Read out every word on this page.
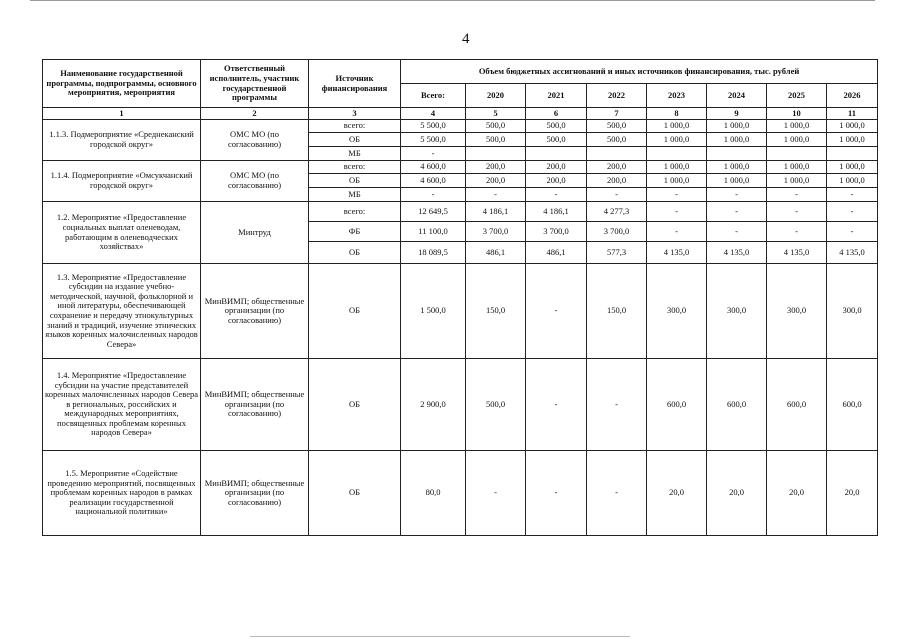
4
Наименование государственной программы, подпрограммы, основного мероприятия, мероприятия	Ответственный исполнитель, участник государственной программы	Источник финансирования	Объем бюджетных ассигнований и иных источников финансирования, тыс. рублей							
			Всего:	2020	2021	2022	2023	2024	2025	2026
1	2	3	4	5	6	7	8	9	10	11
1.1.3. Подмероприятие «Среднеканский городской округ»	ОМС МО (по согласованию)	всего:	5 500,0	500,0	500,0	500,0	1 000,0	1 000,0	1 000,0	1 000,0
		ОБ	5 500,0	500,0	500,0	500,0	1 000,0	1 000,0	1 000,0	1 000,0
		МБ	-							
1.1.4. Подмероприятие «Омсукчанский городской округ»	ОМС МО (по согласованию)	всего:	4 600,0	200,0	200,0	200,0	1 000,0	1 000,0	1 000,0	1 000,0
		ОБ	4 600,0	200,0	200,0	200,0	1 000,0	1 000,0	1 000,0	1 000,0
		МБ	-	-	-	-	-	-	-	-
1.2. Мероприятие «Предоставление социальных выплат оленеводам, работающим в оленеводческих хозяйствах»	Минтруд	всего:	12 649,5	4 186,1	4 186,1	4 277,3	-	-	-	-
		ФБ	11 100,0	3 700,0	3 700,0	3 700,0	-	-	-	-
		ОБ	18 089,5	486,1	486,1	577,3	4 135,0	4 135,0	4 135,0	4 135,0
1.3. Мероприятие «Предоставление субсидии на издание учебно-методической, научной, фольклорной и иной литературы, обеспечивающей сохранение и передачу этнокультурных знаний и традиций, изучение этнических языков коренных малочисленных народов Севера»	МинВИМП; общественные организации (по согласованию)	ОБ	1 500,0	150,0	-	150,0	300,0	300,0	300,0	300,0
1.4. Мероприятие «Предоставление субсидии на участие представителей коренных малочисленных народов Севера в региональных, российских и международных мероприятиях, посвященных проблемам коренных народов Севера»	МинВИМП; общественные организации (по согласованию)	ОБ	2 900,0	500,0	-	-	600,0	600,0	600,0	600,0
1.5. Мероприятие «Содействие проведению мероприятий, посвященных проблемам коренных народов в рамках реализации государственной национальной политики»	МинВИМП; общественные организации (по согласованию)	ОБ	80,0	-	-	-	20,0	20,0	20,0	20,0
